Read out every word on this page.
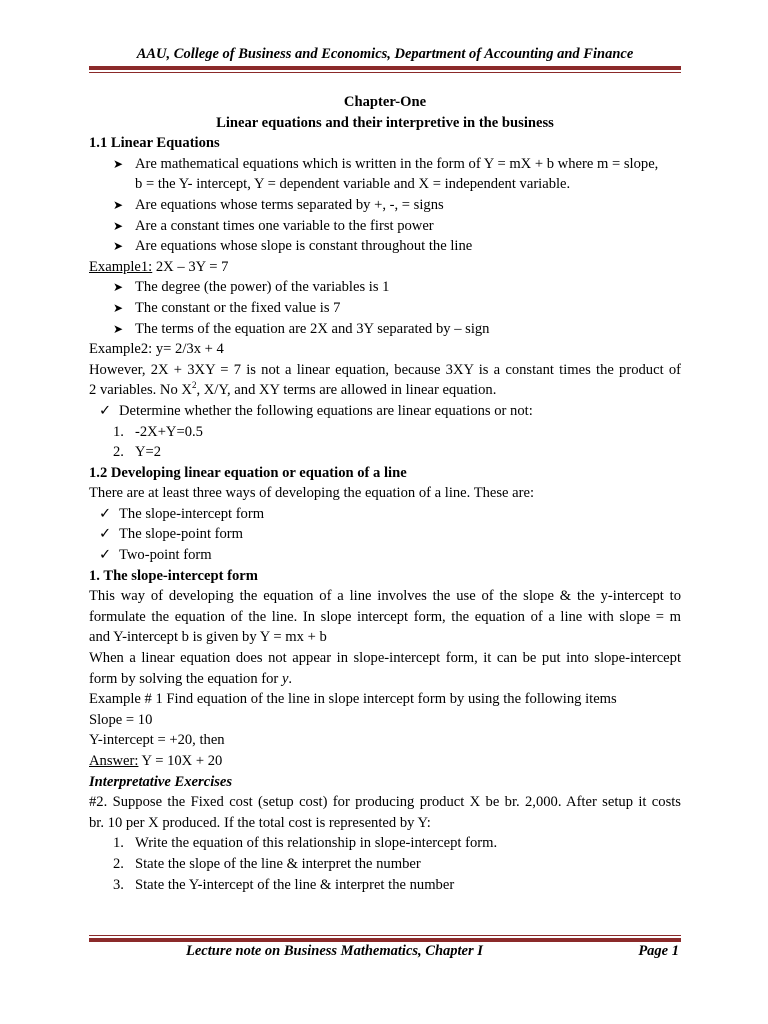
AAU, College of Business and Economics, Department of Accounting and Finance
Chapter-One
Linear equations and their interpretive in the business
1.1 Linear Equations
➤ Are mathematical equations which is written in the form of Y = mX + b where m = slope,
b = the Y- intercept, Y = dependent variable and X = independent variable.
➤ Are equations whose terms separated by +, -, = signs
➤ Are a constant times one variable to the first power
➤ Are equations whose slope is constant throughout the line
Example1: 2X – 3Y = 7
➤ The degree (the power) of the variables is 1
➤ The constant or the fixed value is 7
➤ The terms of the equation are 2X and 3Y separated by – sign
Example2: y= 2/3x + 4
However, 2X + 3XY = 7 is not a linear equation, because 3XY is a constant times the product of
2 variables. No $X^2$, X/Y, and XY terms are allowed in linear equation.
✓ Determine whether the following equations are linear equations or not:
1. -2X+Y=0.5
2. Y=2
1.2 Developing linear equation or equation of a line
There are at least three ways of developing the equation of a line. These are:
✓ The slope-intercept form
✓ The slope-point form
✓ Two-point form
1. The slope-intercept form
This way of developing the equation of a line involves the use of the slope & the y-intercept to
formulate the equation of the line. In slope intercept form, the equation of a line with slope = m
and Y-intercept b is given by Y = mx + b
When a linear equation does not appear in slope-intercept form, it can be put into slope-intercept
form by solving the equation for y.
Example # 1 Find equation of the line in slope intercept form by using the following items
Slope = 10
Y-intercept = +20, then
Answer: Y = 10X + 20
Interpretative Exercises
#2. Suppose the Fixed cost (setup cost) for producing product X be br. 2,000. After setup it costs
br. 10 per X produced. If the total cost is represented by Y:
1. Write the equation of this relationship in slope-intercept form.
2. State the slope of the line & interpret the number
3. State the Y-intercept of the line & interpret the number
Lecture note on Business Mathematics, Chapter I	Page 1
